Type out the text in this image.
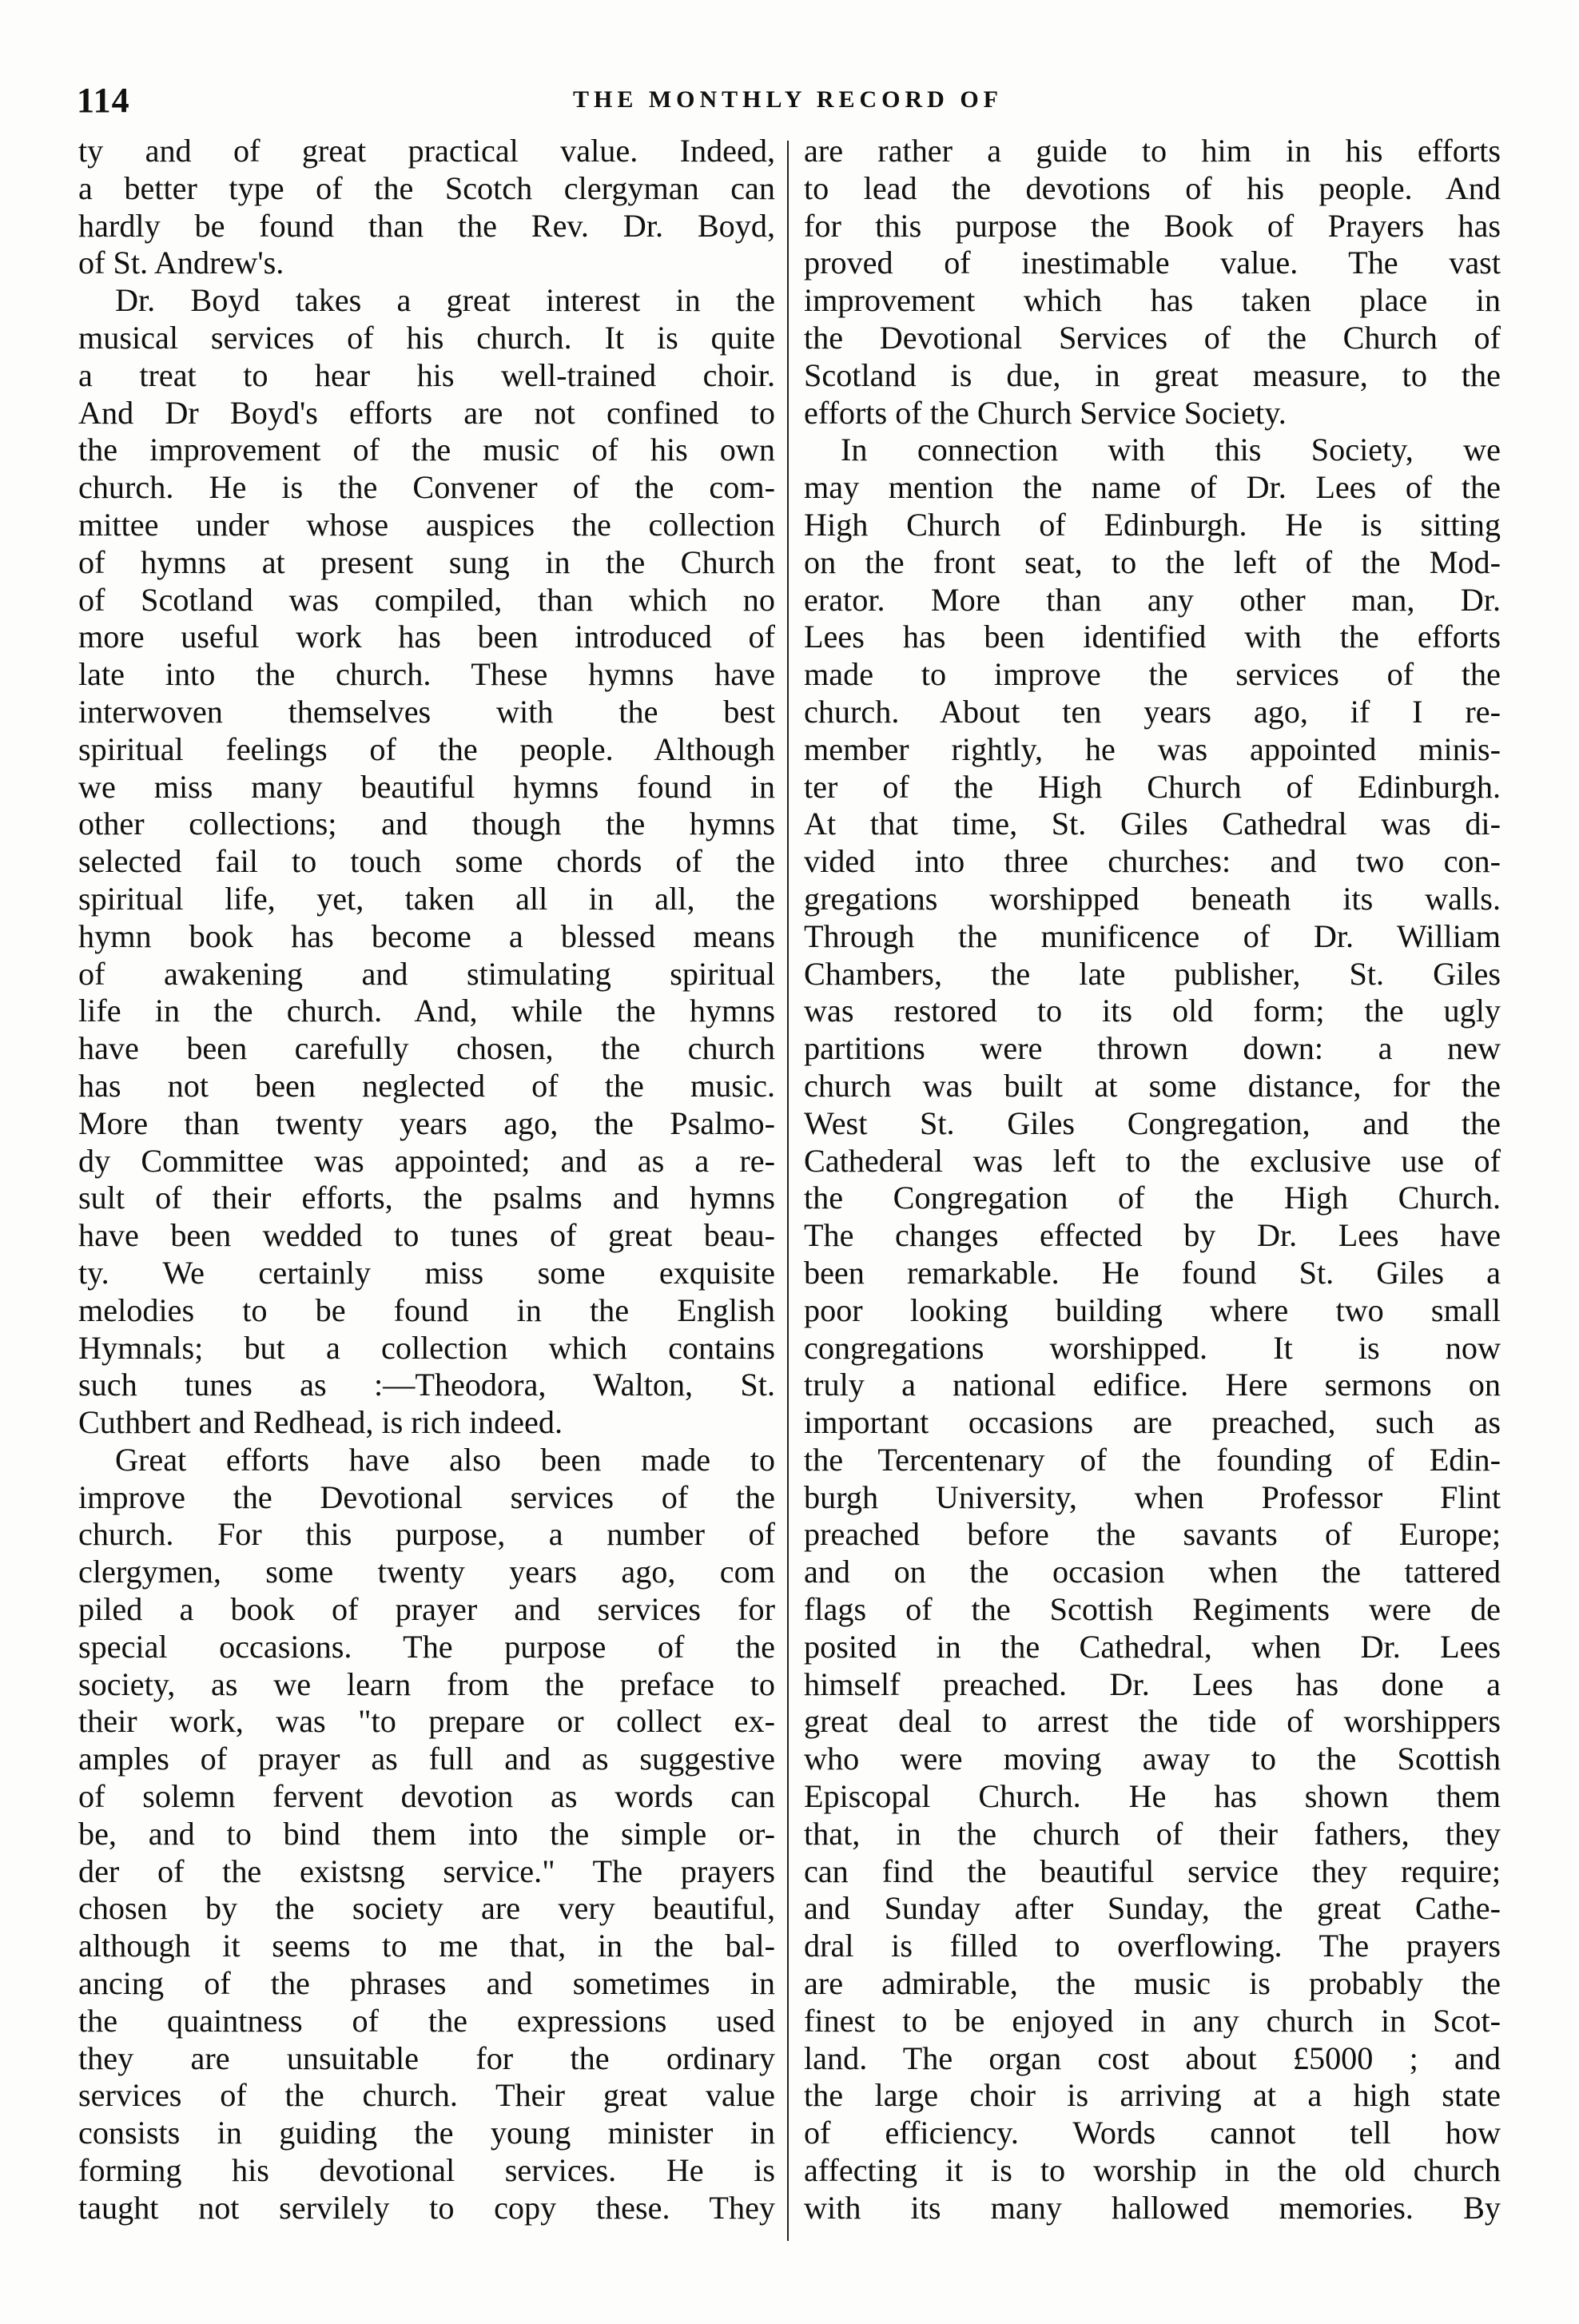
114	THE MONTHLY RECORD OF
ty and of great practical value. Indeed,
a better type of the Scotch clergyman can
hardly be found than the Rev. Dr. Boyd,
of St. Andrew's.
Dr. Boyd takes a great interest in the
musical services of his church. It is quite
a treat to hear his well-trained choir.
And Dr Boyd's efforts are not confined to
the improvement of the music of his own
church. He is the Convener of the com-
mittee under whose auspices the collection
of hymns at present sung in the Church
of Scotland was compiled, than which no
more useful work has been introduced of
late into the church. These hymns have
interwoven themselves with the best
spiritual feelings of the people. Although
we miss many beautiful hymns found in
other collections; and though the hymns
selected fail to touch some chords of the
spiritual life, yet, taken all in all, the
hymn book has become a blessed means
of awakening and stimulating spiritual
life in the church. And, while the hymns
have been carefully chosen, the church
has not been neglected of the music.
More than twenty years ago, the Psalmo-
dy Committee was appointed; and as a re-
sult of their efforts, the psalms and hymns
have been wedded to tunes of great beau-
ty. We certainly miss some exquisite
melodies to be found in the English
Hymnals; but a collection which contains
such tunes as :—Theodora, Walton, St.
Cuthbert and Redhead, is rich indeed.
Great efforts have also been made to
improve the Devotional services of the
church. For this purpose, a number of
clergymen, some twenty years ago, com
piled a book of prayer and services for
special occasions. The purpose of the
society, as we learn from the preface to
their work, was "to prepare or collect ex-
amples of prayer as full and as suggestive
of solemn fervent devotion as words can
be, and to bind them into the simple or-
der of the existsng service." The prayers
chosen by the society are very beautiful,
although it seems to me that, in the bal-
ancing of the phrases and sometimes in
the quaintness of the expressions used
they are unsuitable for the ordinary
services of the church. Their great value
consists in guiding the young minister in
forming his devotional services. He is
taught not servilely to copy these. They
are rather a guide to him in his efforts
to lead the devotions of his people. And
for this purpose the Book of Prayers has
proved of inestimable value. The vast
improvement which has taken place in
the Devotional Services of the Church of
Scotland is due, in great measure, to the
efforts of the Church Service Society.
In connection with this Society, we
may mention the name of Dr. Lees of the
High Church of Edinburgh. He is sitting
on the front seat, to the left of the Mod-
erator. More than any other man, Dr.
Lees has been identified with the efforts
made to improve the services of the
church. About ten years ago, if I re-
member rightly, he was appointed minis-
ter of the High Church of Edinburgh.
At that time, St. Giles Cathedral was di-
vided into three churches: and two con-
gregations worshipped beneath its walls.
Through the munificence of Dr. William
Chambers, the late publisher, St. Giles
was restored to its old form; the ugly
partitions were thrown down: a new
church was built at some distance, for the
West St. Giles Congregation, and the
Cathederal was left to the exclusive use of
the Congregation of the High Church.
The changes effected by Dr. Lees have
been remarkable. He found St. Giles a
poor looking building where two small
congregations worshipped. It is now
truly a national edifice. Here sermons on
important occasions are preached, such as
the Tercentenary of the founding of Edin-
burgh University, when Professor Flint
preached before the savants of Europe;
and on the occasion when the tattered
flags of the Scottish Regiments were de
posited in the Cathedral, when Dr. Lees
himself preached. Dr. Lees has done a
great deal to arrest the tide of worshippers
who were moving away to the Scottish
Episcopal Church. He has shown them
that, in the church of their fathers, they
can find the beautiful service they require;
and Sunday after Sunday, the great Cathe-
dral is filled to overflowing. The prayers
are admirable, the music is probably the
finest to be enjoyed in any church in Scot-
land. The organ cost about £5000 ; and
the large choir is arriving at a high state
of efficiency. Words cannot tell how
affecting it is to worship in the old church
with its many hallowed memories. By
